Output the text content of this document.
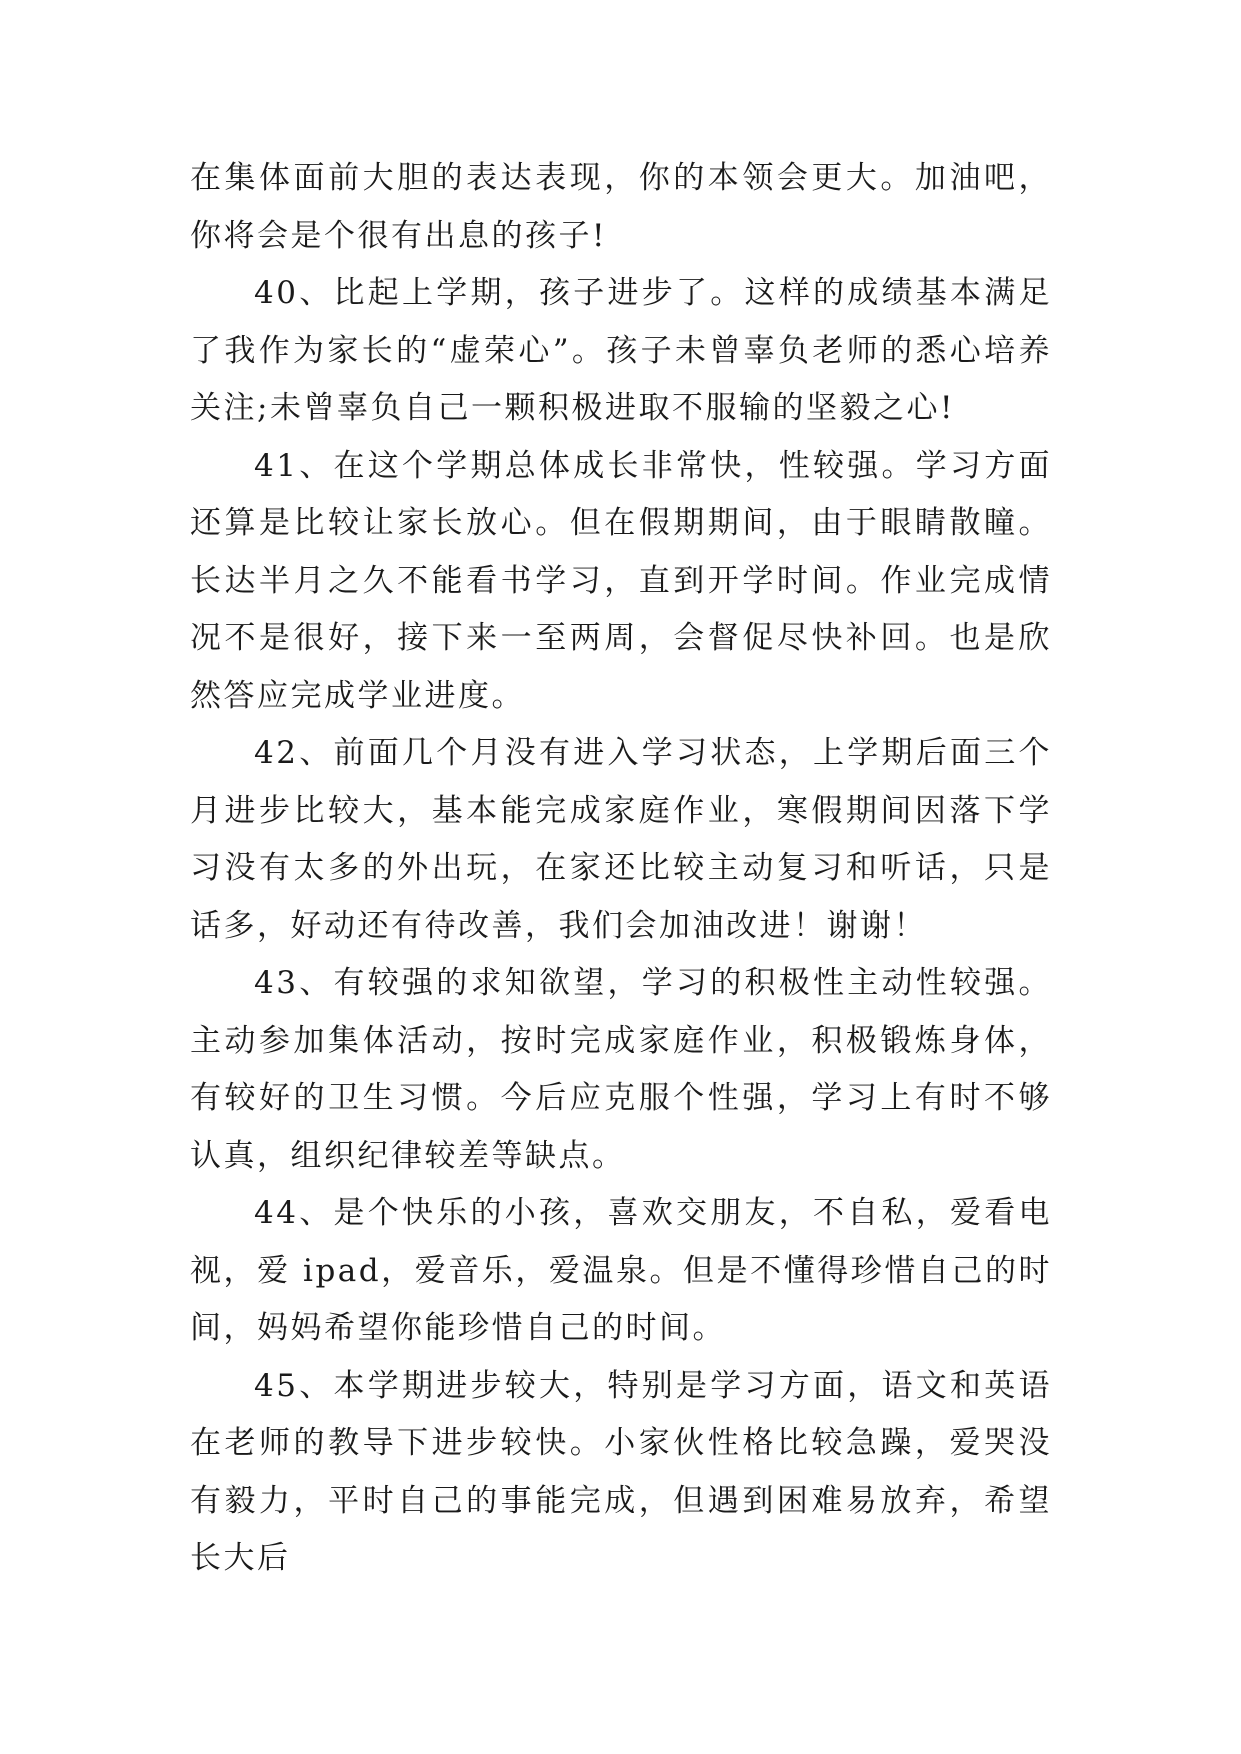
在集体面前大胆的表达表现，你的本领会更大。加油吧，你将会是个很有出息的孩子!

40、比起上学期，孩子进步了。这样的成绩基本满足了我作为家长的“虚荣心”。孩子未曾辜负老师的悉心培养关注;未曾辜负自己一颗积极进取不服输的坚毅之心!

41、在这个学期总体成长非常快，性较强。学习方面还算是比较让家长放心。但在假期期间，由于眼睛散瞳。长达半月之久不能看书学习，直到开学时间。作业完成情况不是很好，接下来一至两周，会督促尽快补回。也是欣然答应完成学业进度。

42、前面几个月没有进入学习状态，上学期后面三个月进步比较大，基本能完成家庭作业，寒假期间因落下学习没有太多的外出玩，在家还比较主动复习和听话，只是话多，好动还有待改善，我们会加油改进！谢谢！

43、有较强的求知欲望，学习的积极性主动性较强。主动参加集体活动，按时完成家庭作业，积极锻炼身体，有较好的卫生习惯。今后应克服个性强，学习上有时不够认真，组织纪律较差等缺点。

44、是个快乐的小孩，喜欢交朋友，不自私，爱看电视，爱 ipad，爱音乐，爱温泉。但是不懂得珍惜自己的时间，妈妈希望你能珍惜自己的时间。

45、本学期进步较大，特别是学习方面，语文和英语在老师的教导下进步较快。小家伙性格比较急躁，爱哭没有毅力，平时自己的事能完成，但遇到困难易放弃，希望长大后
